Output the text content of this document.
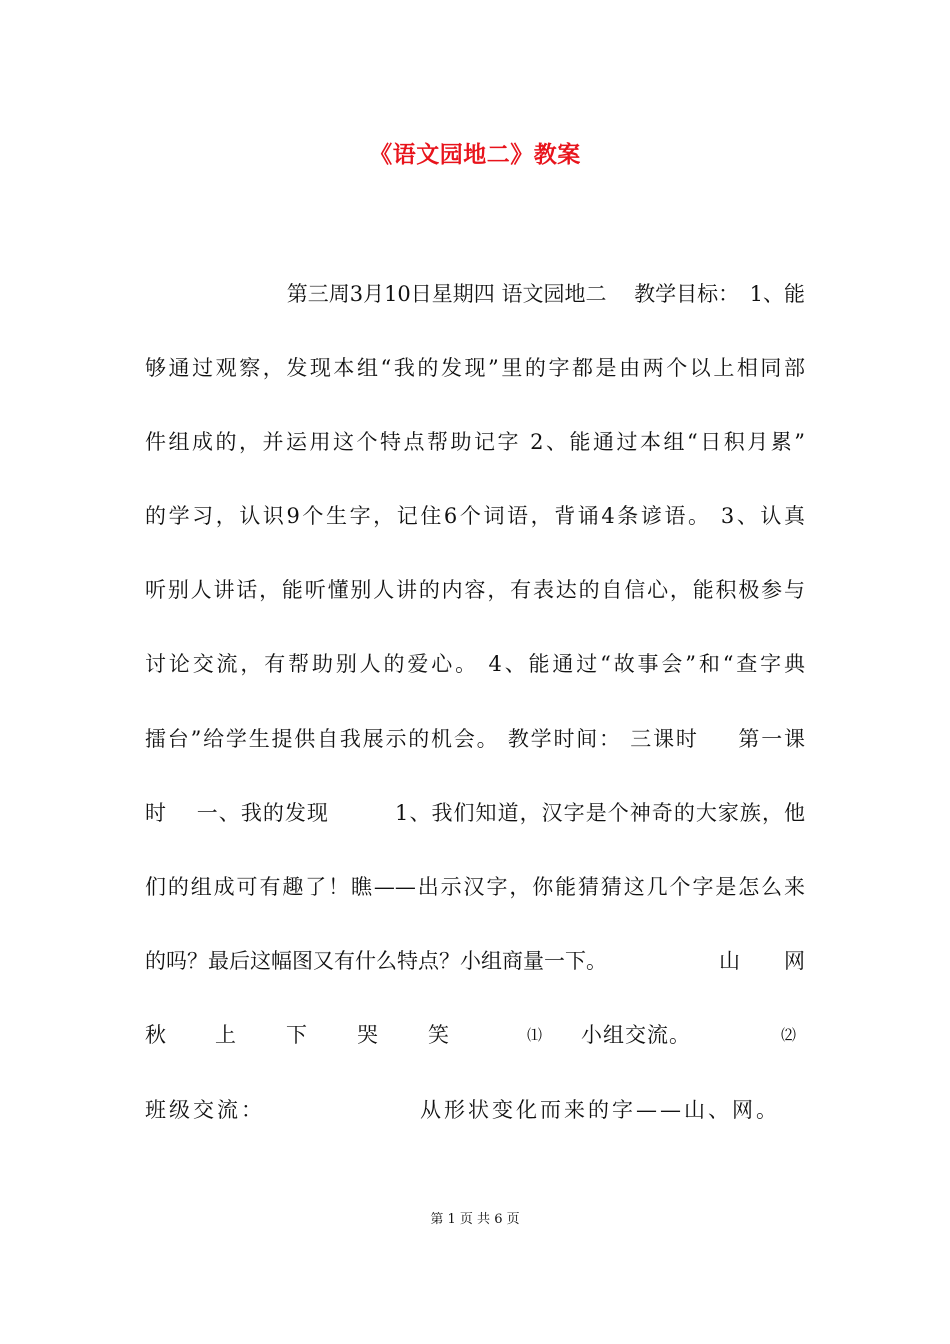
《语文园地二》教案
第三周3月10日星期四 语文园地二　 教学目标：　1、能
够通过观察，发现本组“我的发现”里的字都是由两个以上相同部
件组成的，并运用这个特点帮助记字 2、能通过本组“日积月累”
的学习，认识9个生字，记住6个词语，背诵4条谚语。 3、认真
听别人讲话，能听懂别人讲的内容，有表达的自信心，能积极参与
讨论交流，有帮助别人的爱心。 4、能通过“故事会”和“查字典
擂台”给学生提供自我展示的机会。 教学时间： 三课时 　 第一课
时　 一、我的发现　　　1、我们知道，汉字是个神奇的大家族，他
们的组成可有趣了！瞧——出示汉字，你能猜猜这几个字是怎么来
的吗？最后这幅图又有什么特点？小组商量一下。	山 网
秋 上 下 哭 笑	⑴ 小组交流。	⑵
班级交流：	从形状变化而来的字——山、网。
第 1 页 共 6 页
